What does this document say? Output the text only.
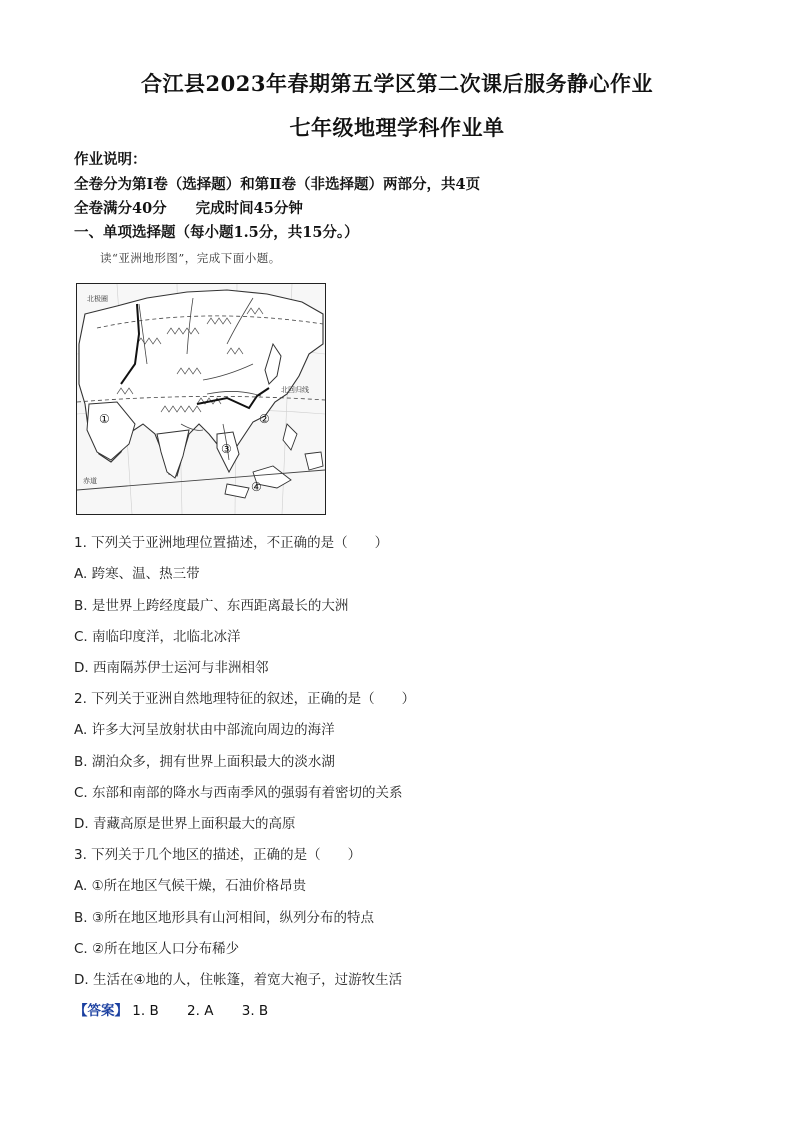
合江县2023年春期第五学区第二次课后服务静心作业
七年级地理学科作业单
作业说明：
全卷分为第Ⅰ卷（选择题）和第Ⅱ卷（非选择题）两部分，共4页
全卷满分40分　　完成时间45分钟
一、单项选择题（每小题1.5分，共15分。）
读“亚洲地形图”，完成下面小题。
北极圈
北回归线
赤道
①	②
③
④
1. 下列关于亚洲地理位置描述，不正确的是（　　）
A. 跨寒、温、热三带
B. 是世界上跨经度最广、东西距离最长的大洲
C. 南临印度洋，北临北冰洋
D. 西南隔苏伊士运河与非洲相邻
2. 下列关于亚洲自然地理特征的叙述，正确的是（　　）
A. 许多大河呈放射状由中部流向周边的海洋
B. 湖泊众多，拥有世界上面积最大的淡水湖
C. 东部和南部的降水与西南季风的强弱有着密切的关系
D. 青藏高原是世界上面积最大的高原
3. 下列关于几个地区的描述，正确的是（　　）
A. ①所在地区气候干燥，石油价格昂贵
B. ③所在地区地形具有山河相间，纵列分布的特点
C. ②所在地区人口分布稀少
D. 生活在④地的人，住帐篷，着宽大袍子，过游牧生活
【答案】 1. B 2. A 3. B
